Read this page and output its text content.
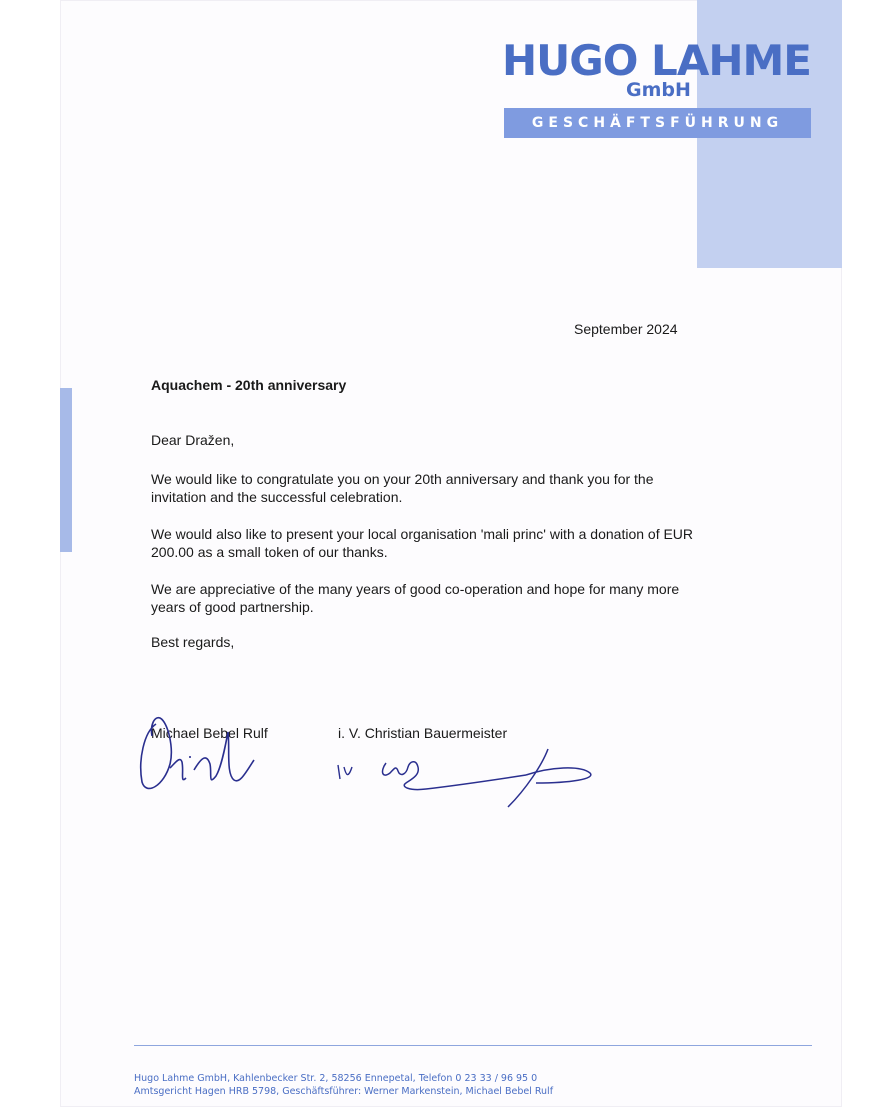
HUGO LAHME
GmbH
GESCHÄFTSFÜHRUNG
September 2024
Aquachem - 20th anniversary
Dear Dražen,
We would like to congratulate you on your 20th anniversary and thank you for the invitation and the successful celebration.
We would also like to present your local organisation 'mali princ' with a donation of EUR 200.00 as a small token of our thanks.
We are appreciative of the many years of good co-operation and hope for many more years of good partnership.
Best regards,
Michael Bebel Rulf	i. V. Christian Bauermeister
Hugo Lahme GmbH, Kahlenbecker Str. 2, 58256 Ennepetal, Telefon 0 23 33 / 96 95 0
Amtsgericht Hagen HRB 5798, Geschäftsführer: Werner Markenstein, Michael Bebel Rulf
